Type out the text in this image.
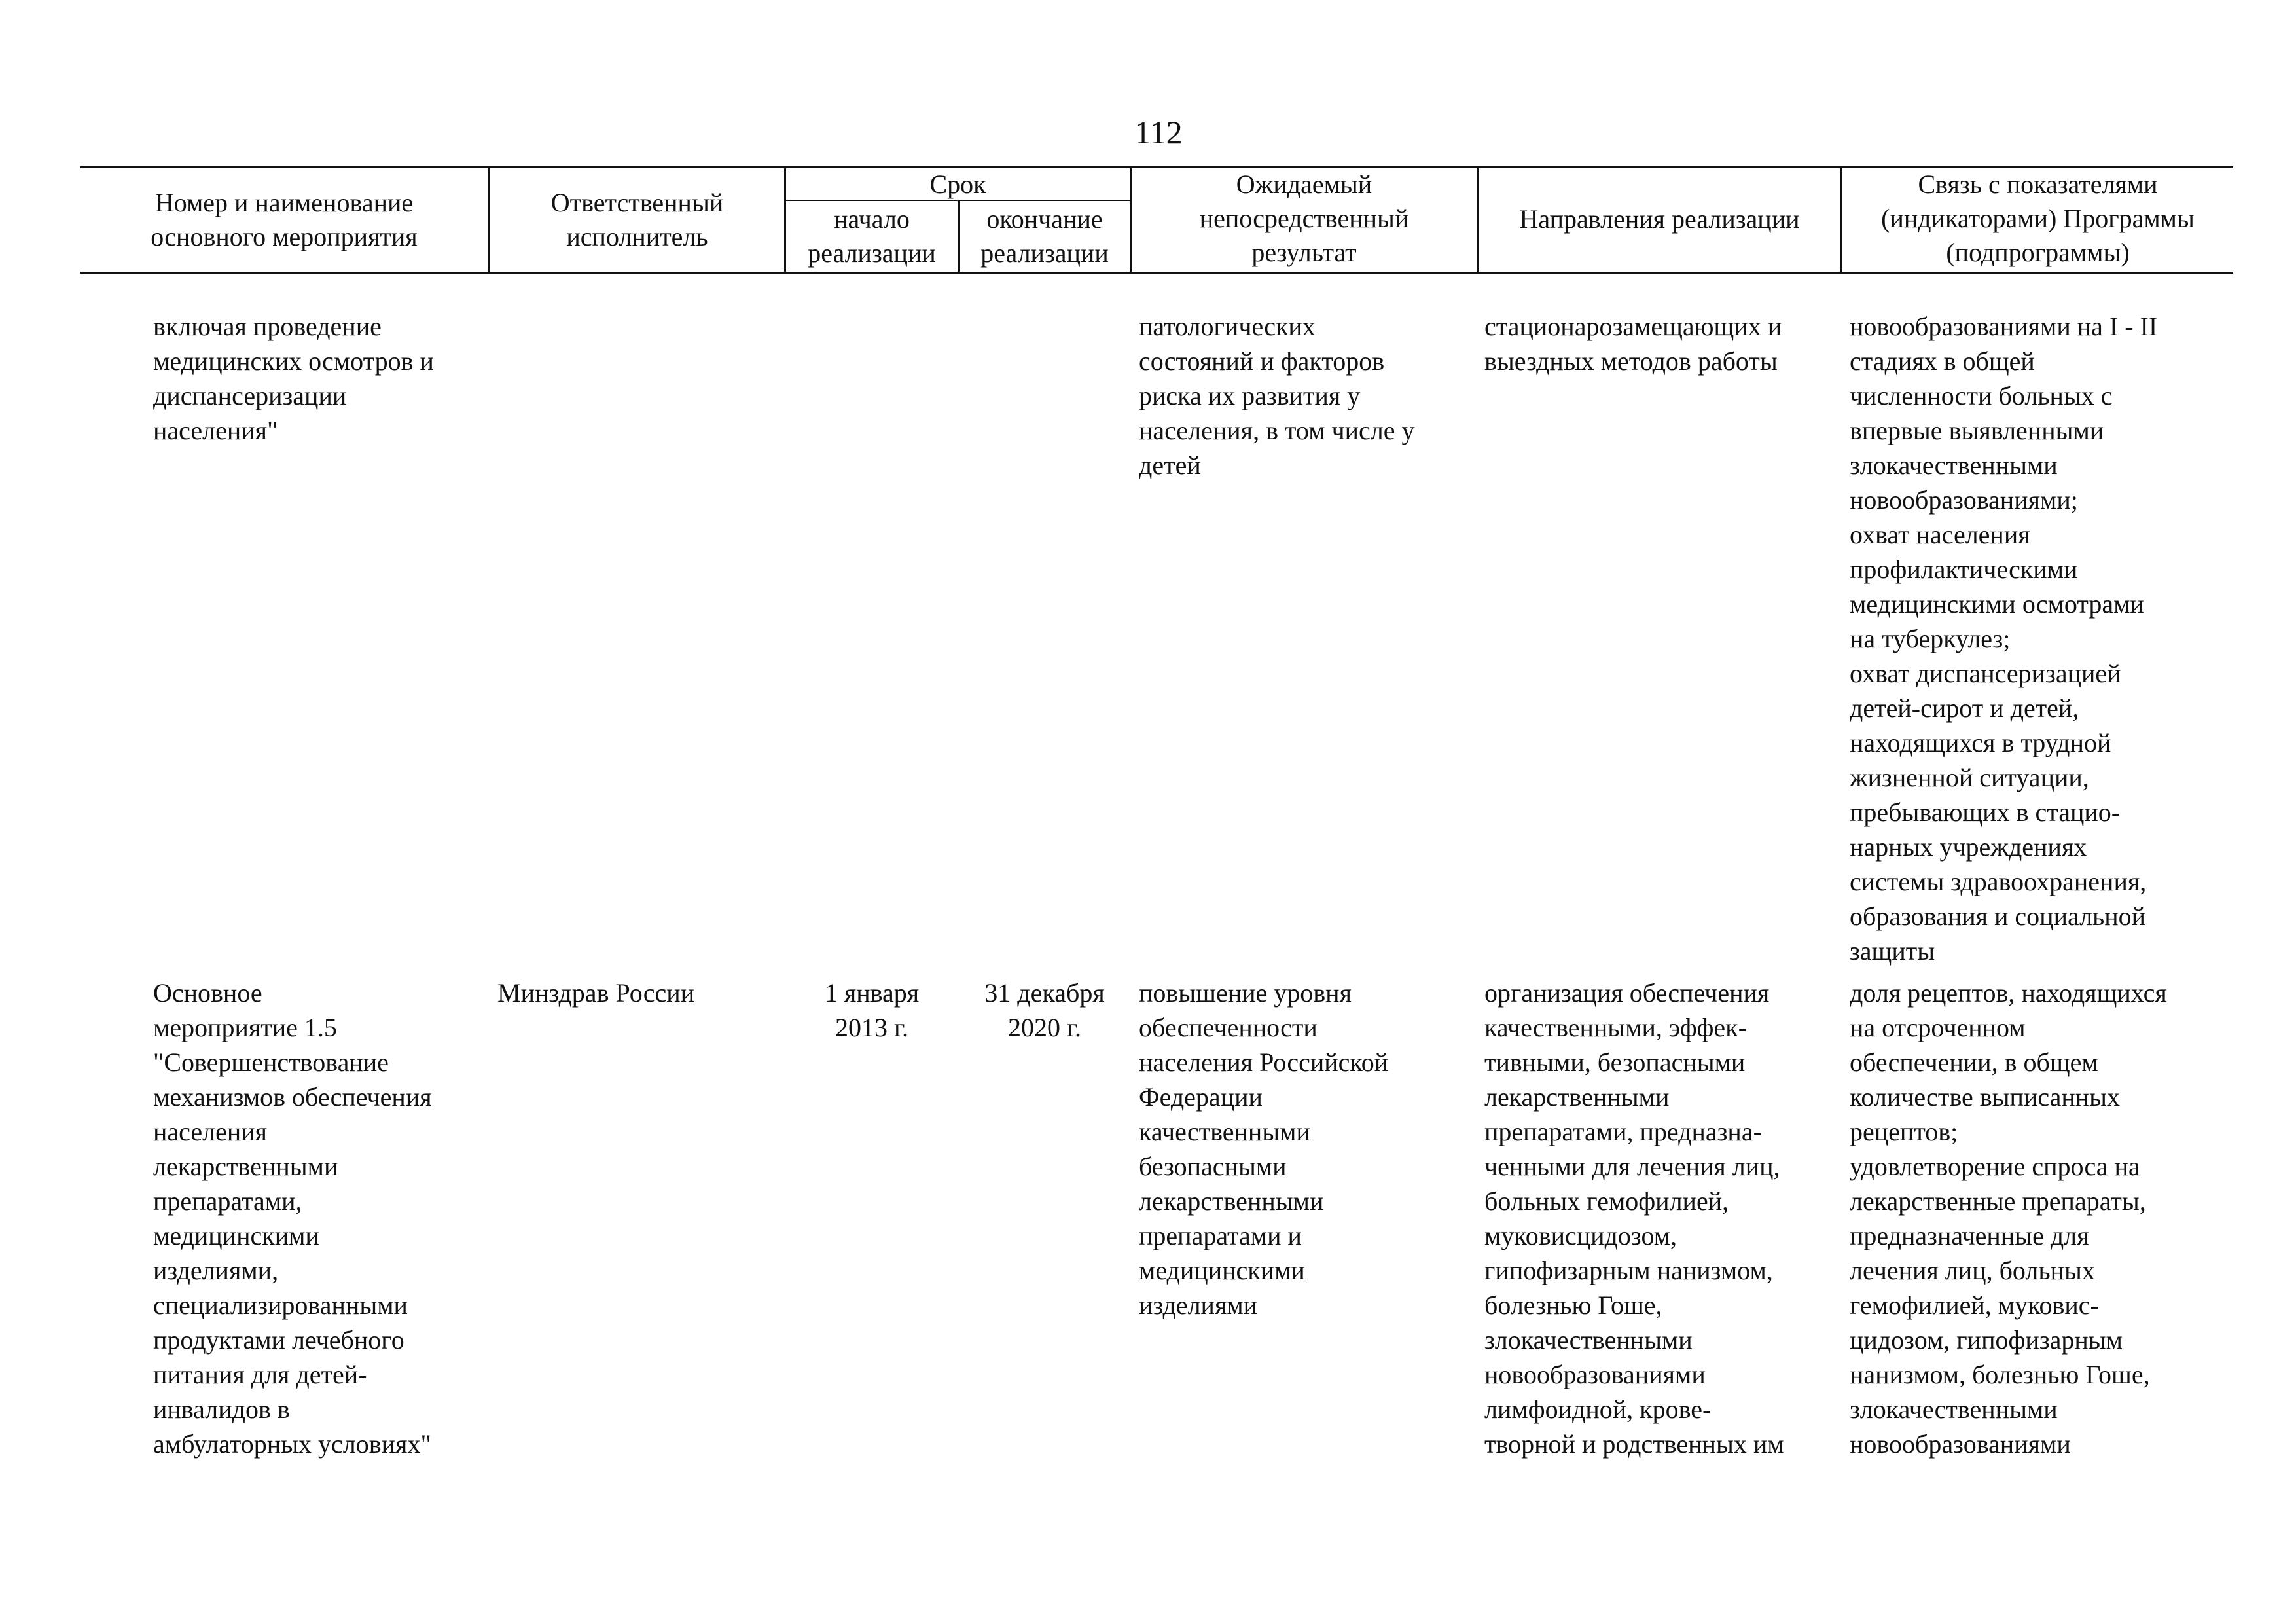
112
Номер и наименование
основного мероприятия
Ответственный
исполнитель
Срок
начало
реализации
окончание
реализации
Ожидаемый
непосредственный
результат
Направления реализации
Связь с показателями
(индикаторами) Программы
(подпрограммы)
включая проведение
медицинских осмотров и
диспансеризации
населения"
патологических
состояний и факторов
риска их развития у
населения, в том числе у
детей
стационарозамещающих и
выездных методов работы
новообразованиями на I - II
стадиях в общей
численности больных с
впервые выявленными
злокачественными
новообразованиями;
охват населения
профилактическими
медицинскими осмотрами
на туберкулез;
охват диспансеризацией
детей-сирот и детей,
находящихся в трудной
жизненной ситуации,
пребывающих в стацио-
нарных учреждениях
системы здравоохранения,
образования и социальной
защиты
Основное
мероприятие 1.5
"Совершенствование
механизмов обеспечения
населения
лекарственными
препаратами,
медицинскими
изделиями,
специализированными
продуктами лечебного
питания для детей-
инвалидов в
амбулаторных условиях"
Минздрав России	1 января
2013 г.
31 декабря
2020 г.
повышение уровня
обеспеченности
населения Российской
Федерации
качественными
безопасными
лекарственными
препаратами и
медицинскими
изделиями
организация обеспечения
качественными, эффек-
тивными, безопасными
лекарственными
препаратами, предназна-
ченными для лечения лиц,
больных гемофилией,
муковисцидозом,
гипофизарным нанизмом,
болезнью Гоше,
злокачественными
новообразованиями
лимфоидной, крове-
творной и родственных им
доля рецептов, находящихся
на отсроченном
обеспечении, в общем
количестве выписанных
рецептов;
удовлетворение спроса на
лекарственные препараты,
предназначенные для
лечения лиц, больных
гемофилией, муковис-
цидозом, гипофизарным
нанизмом, болезнью Гоше,
злокачественными
новообразованиями
